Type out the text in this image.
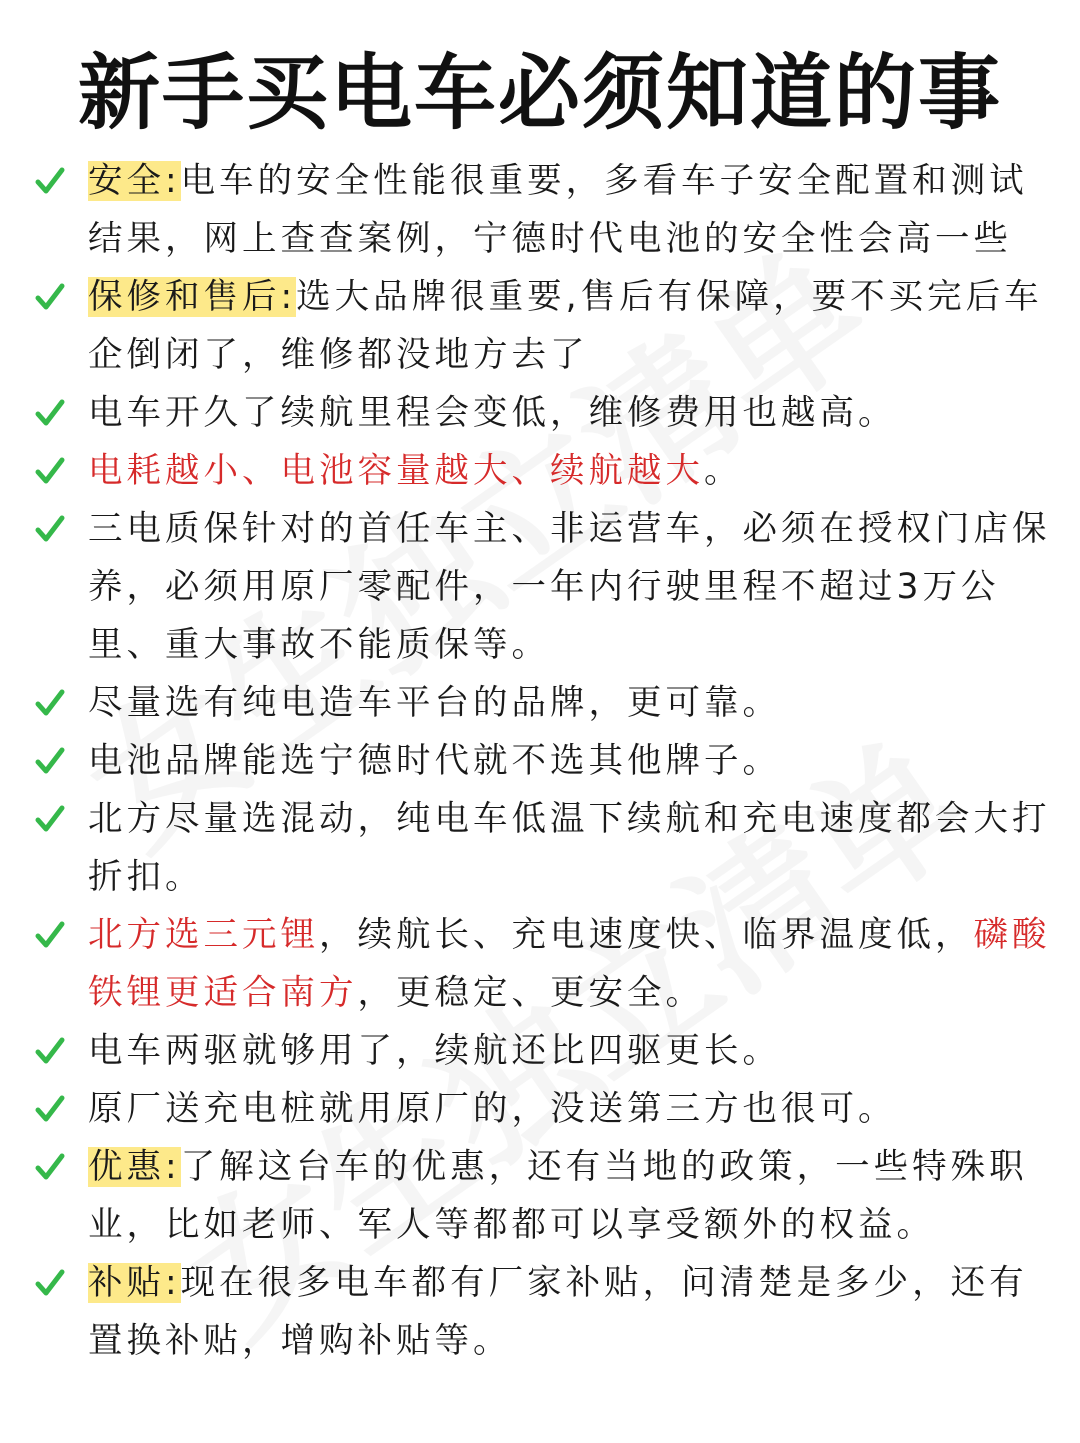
新手买电车必须知道的事
安全:电车的安全性能很重要，多看车子安全配置和测试结果，网上查查案例，宁德时代电池的安全性会高一些
保修和售后:选大品牌很重要,售后有保障，要不买完后车企倒闭了，维修都没地方去了
电车开久了续航里程会变低，维修费用也越高。
电耗越小、电池容量越大、续航越大。
三电质保针对的首任车主、非运营车，必须在授权门店保养，必须用原厂零配件，一年内行驶里程不超过3万公里、重大事故不能质保等。
尽量选有纯电造车平台的品牌，更可靠。
电池品牌能选宁德时代就不选其他牌子。
北方尽量选混动，纯电车低温下续航和充电速度都会大打折扣。
北方选三元锂，续航长、充电速度快、临界温度低，磷酸铁锂更适合南方，更稳定、更安全。
电车两驱就够用了，续航还比四驱更长。
原厂送充电桩就用原厂的，没送第三方也很可。
优惠:了解这台车的优惠，还有当地的政策，一些特殊职业，比如老师、军人等都都可以享受额外的权益。
补贴:现在很多电车都有厂家补贴，问清楚是多少，还有置换补贴，增购补贴等。
